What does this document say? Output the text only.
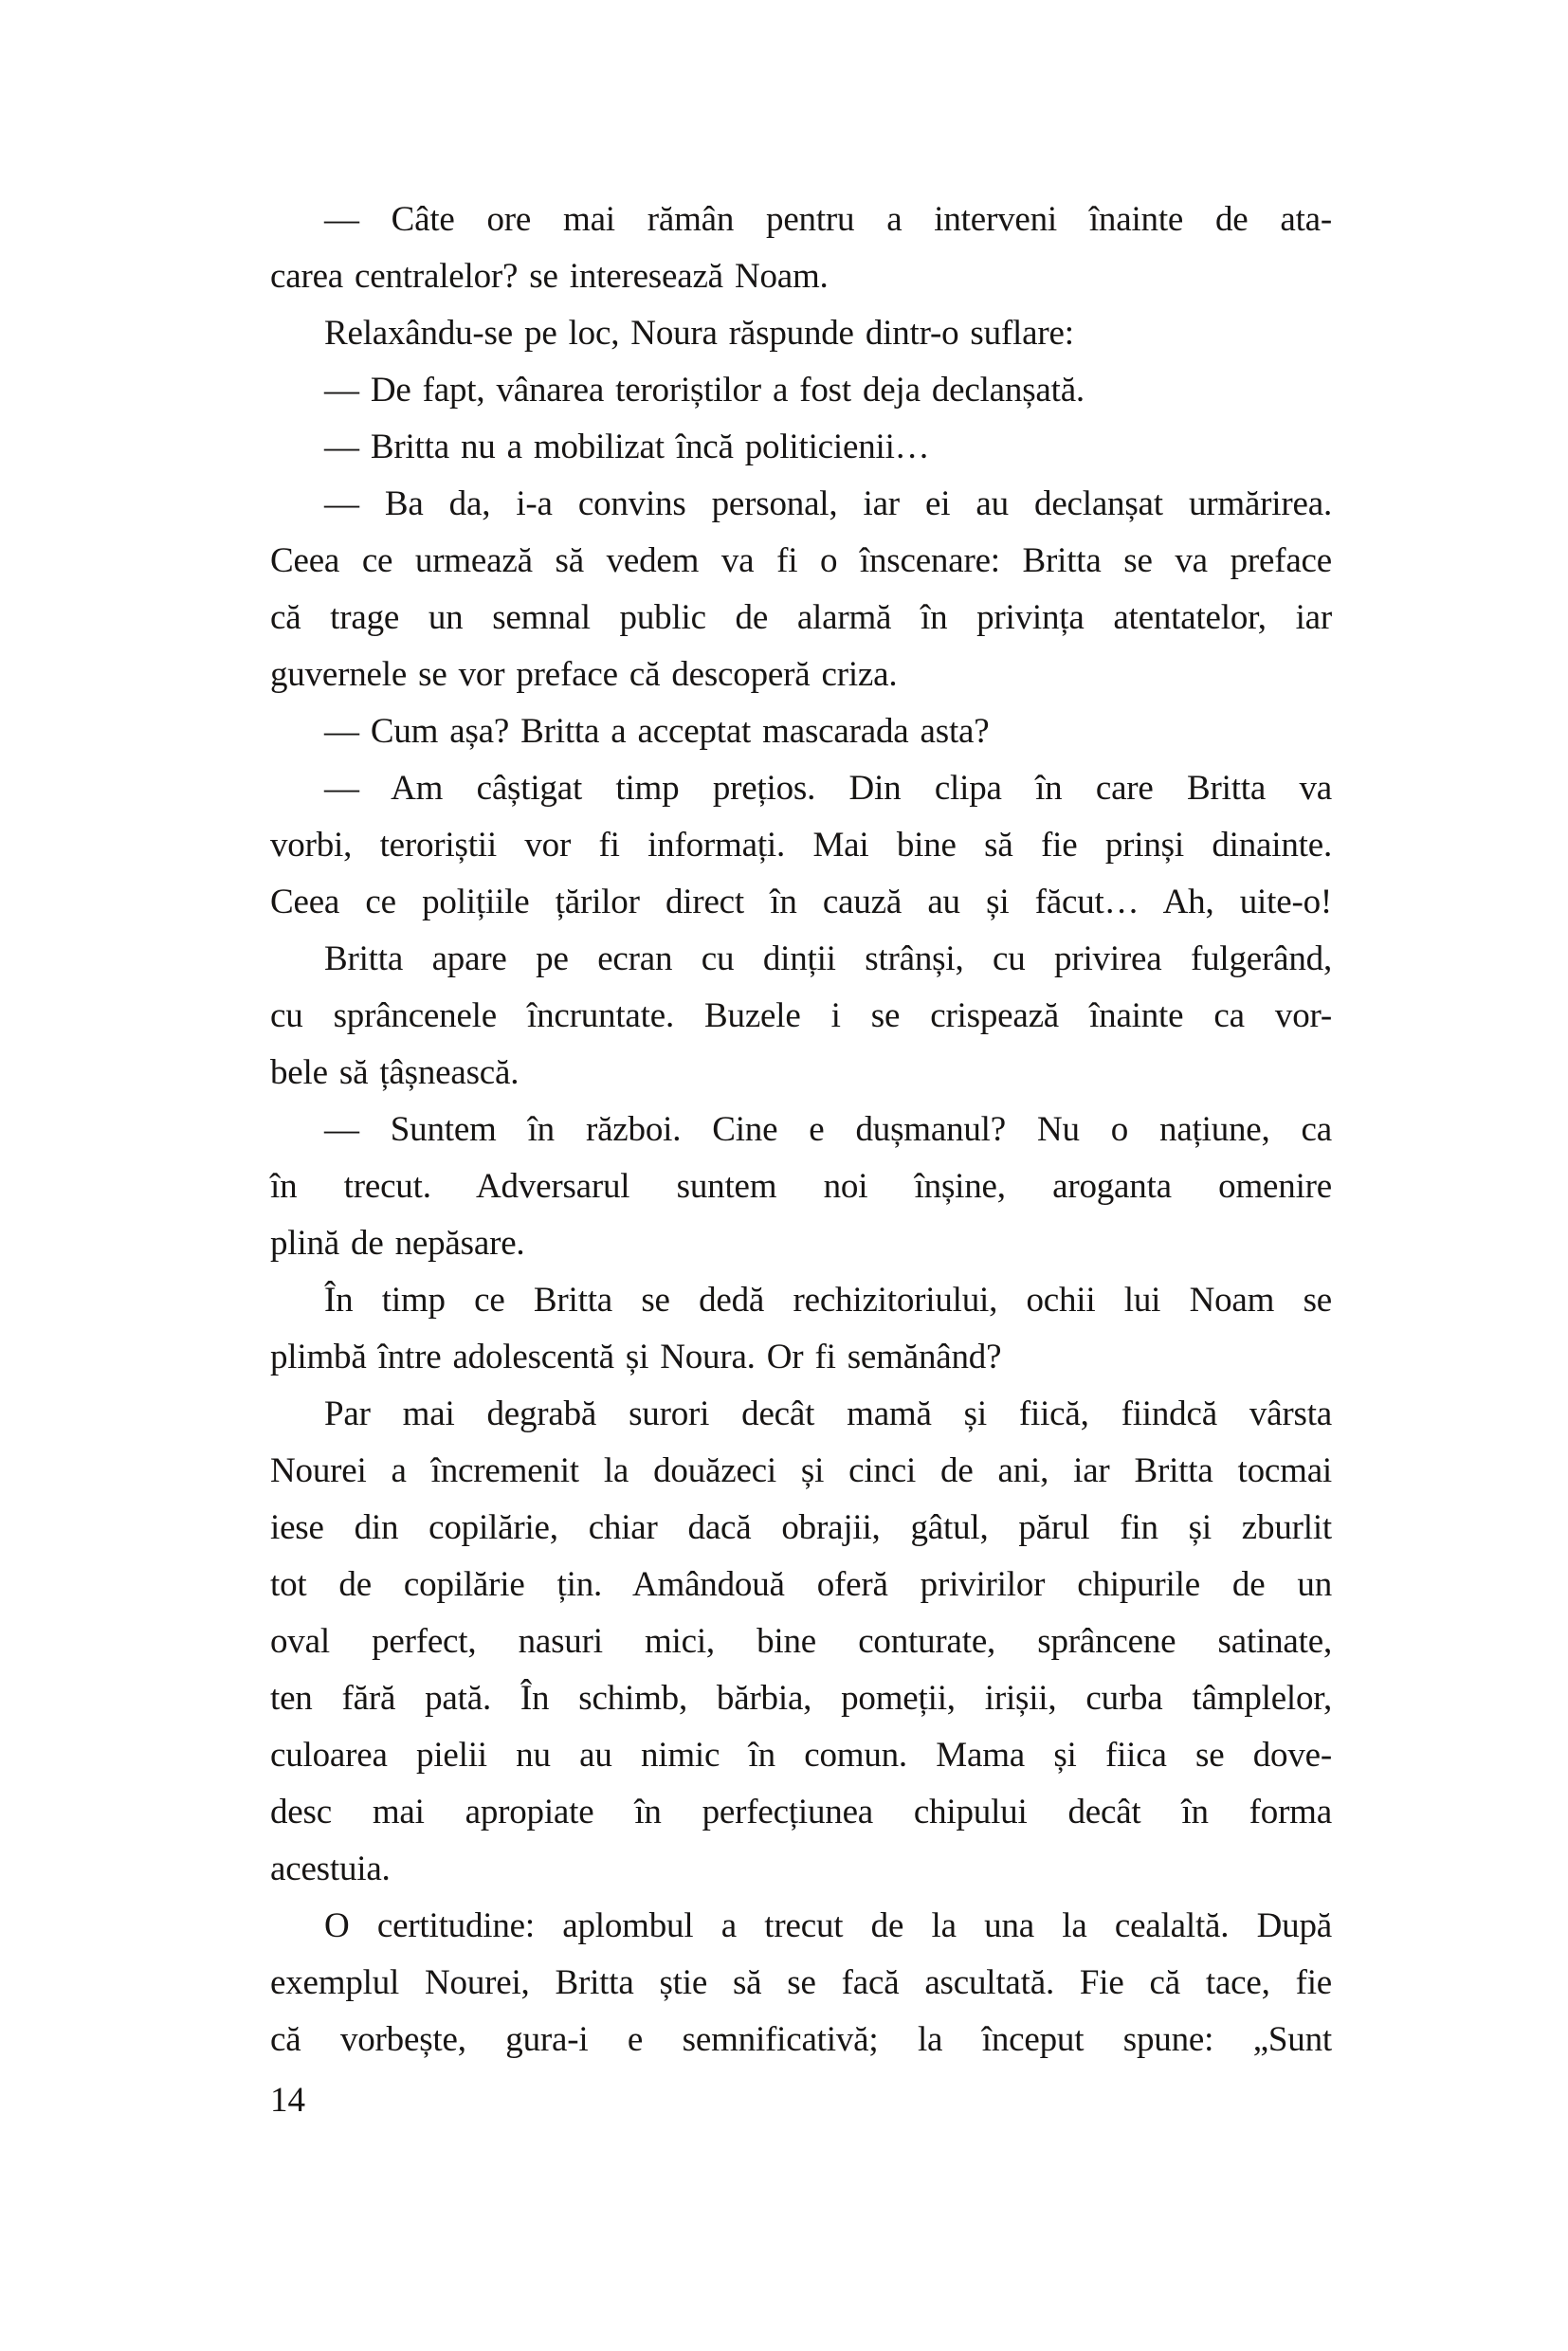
— Câte ore mai rămân pentru a interveni înainte de ata-
carea centralelor? se interesează Noam.
Relaxându-se pe loc, Noura răspunde dintr-o suflare:
— De fapt, vânarea teroriștilor a fost deja declanșată.
— Britta nu a mobilizat încă politicienii…
— Ba da, i-a convins personal, iar ei au declanșat urmărirea.
Ceea ce urmează să vedem va fi o înscenare: Britta se va preface
că trage un semnal public de alarmă în privința atentatelor, iar
guvernele se vor preface că descoperă criza.
— Cum așa? Britta a acceptat mascarada asta?
— Am câștigat timp prețios. Din clipa în care Britta va
vorbi, teroriștii vor fi informați. Mai bine să fie prinși dinainte.
Ceea ce polițiile țărilor direct în cauză au și făcut… Ah, uite-o!
Britta apare pe ecran cu dinții strânși, cu privirea fulgerând,
cu sprâncenele încruntate. Buzele i se crispează înainte ca vor-
bele să țâșnească.
— Suntem în război. Cine e dușmanul? Nu o națiune, ca
în trecut. Adversarul suntem noi înșine, aroganta omenire
plină de nepăsare.
În timp ce Britta se dedă rechizitoriului, ochii lui Noam se
plimbă între adolescentă și Noura. Or fi semănând?
Par mai degrabă surori decât mamă și fiică, fiindcă vârsta
Nourei a încremenit la douăzeci și cinci de ani, iar Britta tocmai
iese din copilărie, chiar dacă obrajii, gâtul, părul fin și zburlit
tot de copilărie țin. Amândouă oferă privirilor chipurile de un
oval perfect, nasuri mici, bine conturate, sprâncene satinate,
ten fără pată. În schimb, bărbia, pomeții, irișii, curba tâmplelor,
culoarea pielii nu au nimic în comun. Mama și fiica se dove-
desc mai apropiate în perfecțiunea chipului decât în forma
acestuia.
O certitudine: aplombul a trecut de la una la cealaltă. După
exemplul Nourei, Britta știe să se facă ascultată. Fie că tace, fie
că vorbește, gura-i e semnificativă; la început spune: „Sunt
14
